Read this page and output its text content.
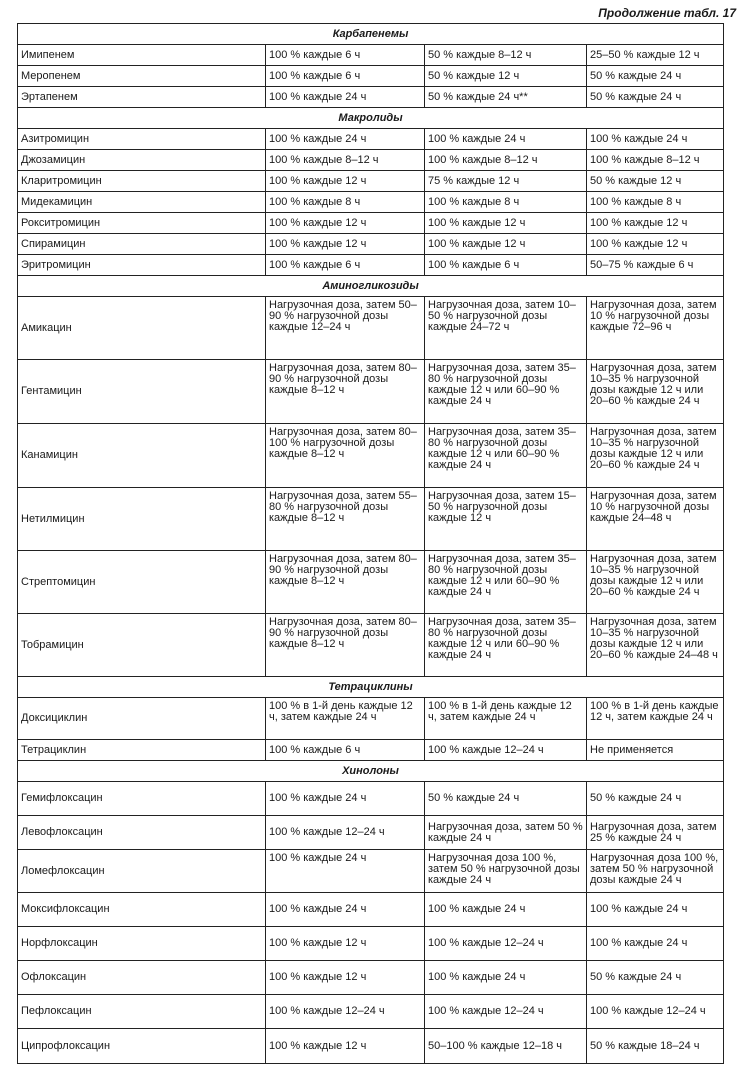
Продолжение табл. 17
Карбапенемы			
Имипенем	100 % каждые 6 ч	50 % каждые 8–12 ч	25–50 % каждые 12 ч
Меропенем	100 % каждые 6 ч	50 % каждые 12 ч	50 % каждые 24 ч
Эртапенем	100 % каждые 24 ч	50 % каждые 24 ч**	50 % каждые 24 ч
Макролиды			
Азитромицин	100 % каждые 24 ч	100 % каждые 24 ч	100 % каждые 24 ч
Джозамицин	100 % каждые 8–12 ч	100 % каждые 8–12 ч	100 % каждые 8–12 ч
Кларитромицин	100 % каждые 12 ч	75 % каждые 12 ч	50 % каждые 12 ч
Мидекамицин	100 % каждые 8 ч	100 % каждые 8 ч	100 % каждые 8 ч
Рокситромицин	100 % каждые 12 ч	100 % каждые 12 ч	100 % каждые 12 ч
Спирамицин	100 % каждые 12 ч	100 % каждые 12 ч	100 % каждые 12 ч
Эритромицин	100 % каждые 6 ч	100 % каждые 6 ч	50–75 % каждые 6 ч
Аминогликозиды			
Амикацин	Нагрузочная доза, затем 50–90 % нагрузочной дозы каждые 12–24 ч	Нагрузочная доза, затем 10–50 % нагрузочной дозы каждые 24–72 ч	Нагрузочная доза, затем 10 % нагрузочной дозы каждые 72–96 ч
Гентамицин	Нагрузочная доза, затем 80–90 % нагрузочной дозы каждые 8–12 ч	Нагрузочная доза, затем 35–80 % нагрузочной дозы каждые 12 ч или 60–90 % каждые 24 ч	Нагрузочная доза, затем 10–35 % нагрузочной дозы каждые 12 ч или 20–60 % каждые 24 ч
Канамицин	Нагрузочная доза, затем 80–100 % нагрузочной дозы каждые 8–12 ч	Нагрузочная доза, затем 35–80 % нагрузочной дозы каждые 12 ч или 60–90 % каждые 24 ч	Нагрузочная доза, затем 10–35 % нагрузочной дозы каждые 12 ч или 20–60 % каждые 24 ч
Нетилмицин	Нагрузочная доза, затем 55–80 % нагрузочной дозы каждые 8–12 ч	Нагрузочная доза, затем 15–50 % нагрузочной дозы каждые 12 ч	Нагрузочная доза, затем 10 % нагрузочной дозы каждые 24–48 ч
Стрептомицин	Нагрузочная доза, затем 80–90 % нагрузочной дозы каждые 8–12 ч	Нагрузочная доза, затем 35–80 % нагрузочной дозы каждые 12 ч или 60–90 % каждые 24 ч	Нагрузочная доза, затем 10–35 % нагрузочной дозы каждые 12 ч или 20–60 % каждые 24 ч
Тобрамицин	Нагрузочная доза, затем 80–90 % нагрузочной дозы каждые 8–12 ч	Нагрузочная доза, затем 35–80 % нагрузочной дозы каждые 12 ч или 60–90 % каждые 24 ч	Нагрузочная доза, затем 10–35 % нагрузочной дозы каждые 12 ч или 20–60 % каждые 24–48 ч
Тетрациклины			
Доксициклин	100 % в 1-й день каждые 12 ч, затем каждые 24 ч	100 % в 1-й день каждые 12 ч, затем каждые 24 ч	100 % в 1-й день каждые 12 ч, затем каждые 24 ч
Тетрациклин	100 % каждые 6 ч	100 % каждые 12–24 ч	Не применяется
Хинолоны			
Гемифлоксацин	100 % каждые 24 ч	50 % каждые 24 ч	50 % каждые 24 ч
Левофлоксацин	100 % каждые 12–24 ч	Нагрузочная доза, затем 50 % каждые 24 ч	Нагрузочная доза, затем 25 % каждые 24 ч
Ломефлоксацин	100 % каждые 24 ч	Нагрузочная доза 100 %, затем 50 % нагрузочной дозы каждые 24 ч	Нагрузочная доза 100 %, затем 50 % нагрузочной дозы каждые 24 ч
Моксифлоксацин	100 % каждые 24 ч	100 % каждые 24 ч	100 % каждые 24 ч
Норфлоксацин	100 % каждые 12 ч	100 % каждые 12–24 ч	100 % каждые 24 ч
Офлоксацин	100 % каждые 12 ч	100 % каждые 24 ч	50 % каждые 24 ч
Пефлоксацин	100 % каждые 12–24 ч	100 % каждые 12–24 ч	100 % каждые 12–24 ч
Ципрофлоксацин	100 % каждые 12 ч	50–100 % каждые 12–18 ч	50 % каждые 18–24 ч
